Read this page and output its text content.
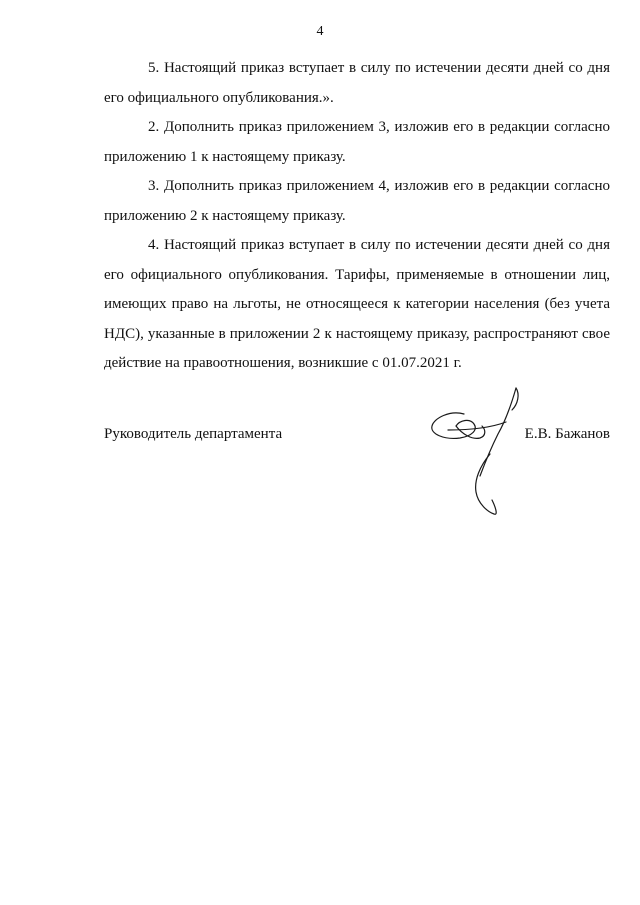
4

5. Настоящий приказ вступает в силу по истечении десяти дней со дня его официального опубликования.».

2. Дополнить приказ приложением 3, изложив его в редакции согласно приложению 1 к настоящему приказу.

3. Дополнить приказ приложением 4, изложив его в редакции согласно приложению 2 к настоящему приказу.

4. Настоящий приказ вступает в силу по истечении десяти дней со дня его официального опубликования. Тарифы, применяемые в отношении лиц, имеющих право на льготы, не относящееся к категории населения (без учета НДС), указанные в приложении 2 к настоящему приказу, распространяют свое действие на правоотношения, возникшие с 01.07.2021 г.

Руководитель департамента	Е.В. Бажанов
